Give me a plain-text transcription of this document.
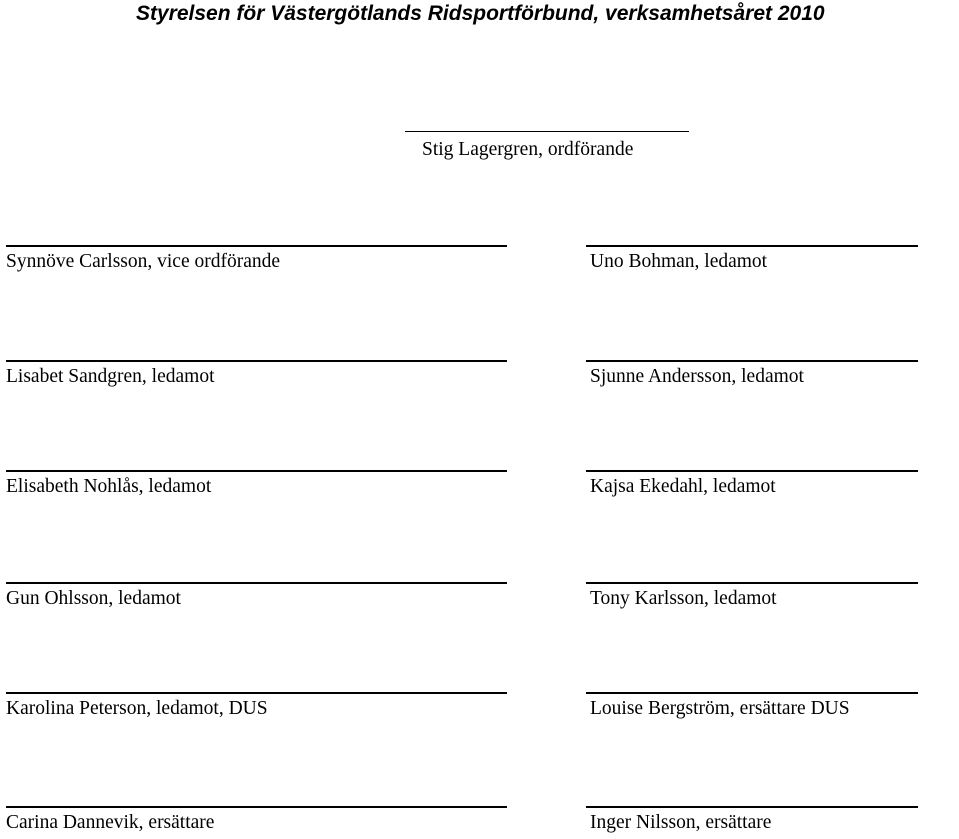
Styrelsen för Västergötlands Ridsportförbund, verksamhetsåret 2010
Stig Lagergren, ordförande
Synnöve Carlsson, vice ordförande	Uno Bohman, ledamot
Lisabet Sandgren, ledamot	Sjunne Andersson, ledamot
Elisabeth Nohlås, ledamot	Kajsa Ekedahl, ledamot
Gun Ohlsson, ledamot	Tony Karlsson, ledamot
Karolina Peterson, ledamot, DUS	Louise Bergström, ersättare DUS
Carina Dannevik, ersättare	Inger Nilsson, ersättare
